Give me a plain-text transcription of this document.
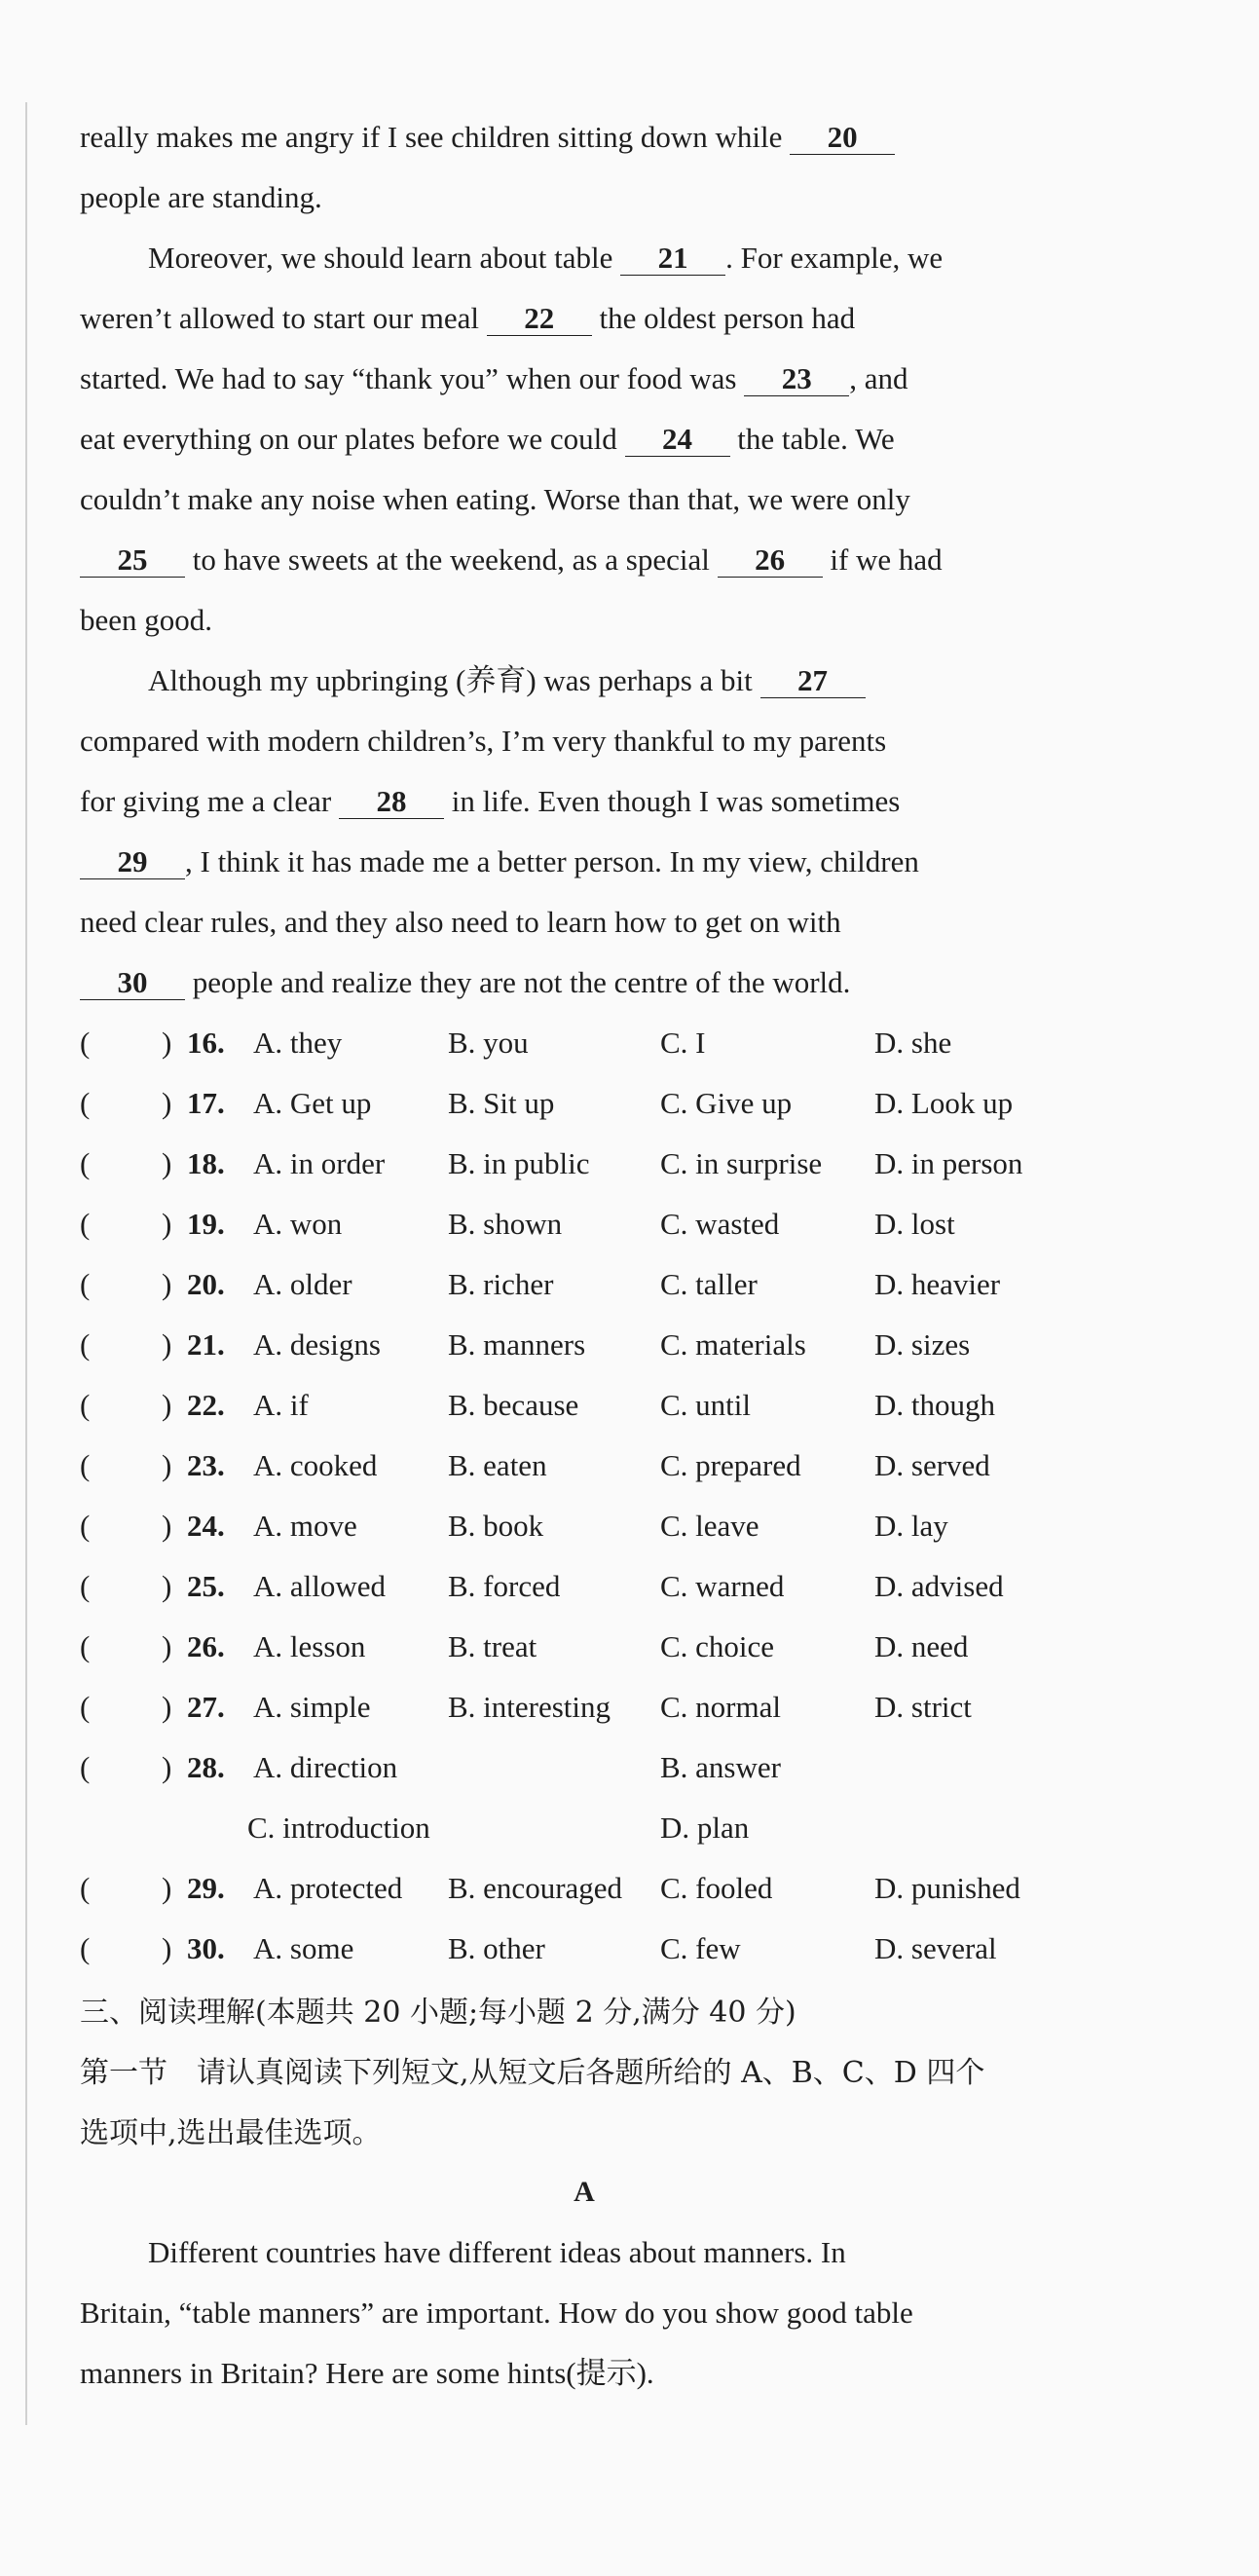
really makes me angry if I see children sitting down while 20
people are standing.
Moreover, we should learn about table 21 . For example, we
weren’t allowed to start our meal 22 the oldest person had
started. We had to say “thank you” when our food was 23 , and
eat everything on our plates before we could 24 the table. We
couldn’t make any noise when eating. Worse than that, we were only
25 to have sweets at the weekend, as a special 26 if we had
been good.
Although my upbringing (养育) was perhaps a bit 27
compared with modern children’s, I’m very thankful to my parents
for giving me a clear 28 in life. Even though I was sometimes
29 , I think it has made me a better person. In my view, children
need clear rules, and they also need to learn how to get on with
30 people and realize they are not the centre of the world.
( ) 16. A. they	B. you	C. I	D. she
( ) 17. A. Get up	B. Sit up	C. Give up	D. Look up
( ) 18. A. in order B. in public C. in surprise D. in person
( ) 19. A. won	B. shown	C. wasted	D. lost
( ) 20. A. older	B. richer	C. taller	D. heavier
( ) 21. A. designs B. manners C. materials D. sizes
( ) 22. A. if	B. because	C. until	D. though
( ) 23. A. cooked B. eaten	C. prepared D. served
( ) 24. A. move	B. book	C. leave	D. lay
( ) 25. A. allowed B. forced	C. warned	D. advised
( ) 26. A. lesson	B. treat	C. choice	D. need
( ) 27. A. simple	B. interesting C. normal	D. strict
( ) 28. A. direction	B. answer
C. introduction	D. plan
( ) 29. A. protected B. encouraged C. fooled	D. punished
( ) 30. A. some	B. other	C. few	D. several
三、阅读理解(本题共 20 小题;每小题 2 分,满分 40 分)
第一节　请认真阅读下列短文,从短文后各题所给的 A、B、C、D 四个
选项中,选出最佳选项。
A
Different countries have different ideas about manners. In
Britain, “table manners” are important. How do you show good table
manners in Britain? Here are some hints(提示).
